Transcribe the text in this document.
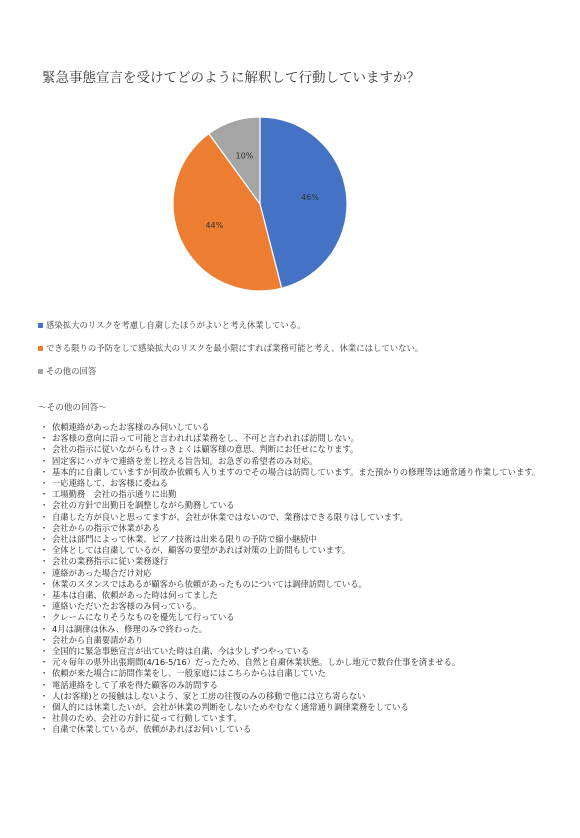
緊急事態宣言を受けてどのように解釈して行動していますか？
46%
44%
10%
感染拡大のリスクを考慮し自粛したほうがよいと考え休業している。
できる限りの予防をして感染拡大のリスクを最小限にすれば業務可能と考え、休業にはしていない。
その他の回答
〜その他の回答〜
・ 依頼連絡があったお客様のみ伺いしている
・ お客様の意向に沿って可能と言われれば業務をし、不可と言われれば訪問しない。
・ 会社の指示に従いながらもけっきょくは顧客様の意思、判断にお任せになります。
・ 固定客にハガキで連絡を差し控える旨告知。お急ぎの希望者のみ対応。
・ 基本的に自粛していますが何故か依頼も入りますのでその場合は訪問しています。また預かりの修理等は通常通り作業しています。
・ 一応連絡して、お客様に委ねる
・ 工場勤務　会社の指示通りに出勤
・ 会社の方針で出勤日を調整しながら勤務している
・ 自粛した方が良いと思ってますが、会社が休業ではないので、業務はできる限りはしています。
・ 会社からの指示で休業がある
・ 会社は部門によって休業、ピアノ技術は出来る限りの予防で縮小継続中
・ 全体としては自粛しているが、顧客の要望があれば対策の上訪問もしています。
・ 会社の業務指示に従い業務遂行
・ 連絡があった場合だけ対応
・ 休業のスタンスではあるが顧客から依頼があったものについては調律訪問している。
・ 基本は自粛、依頼があった時は伺ってました
・ 連絡いただいたお客様のみ伺っている。
・ クレームになりそうなものを優先して行っている
・ 4月は調律は休み、修理のみで終わった。
・ 会社から自粛要請があり
・ 全国的に緊急事態宣言が出ていた時は自粛、今は少しずつやっている
・ 元々毎年の県外出張期間(4/16-5/16）だったため、自然と自粛休業状態。しかし地元で数台仕事を済ませる。
・ 依頼が来た場合に訪問作業をし、一般家庭にはこちらからは自粛していた
・ 電話連絡をして了承を得た顧客のみ訪問する
・ 人(お客様)との接触はしないよう、家と工房の往復のみの移動で他には立ち寄らない
・ 個人的には休業したいが、会社が休業の判断をしないためやむなく通常通り調律業務をしている
・ 社員のため、会社の方針に従って行動しています。
・ 自粛で休業しているが、依頼があればお伺いしている
